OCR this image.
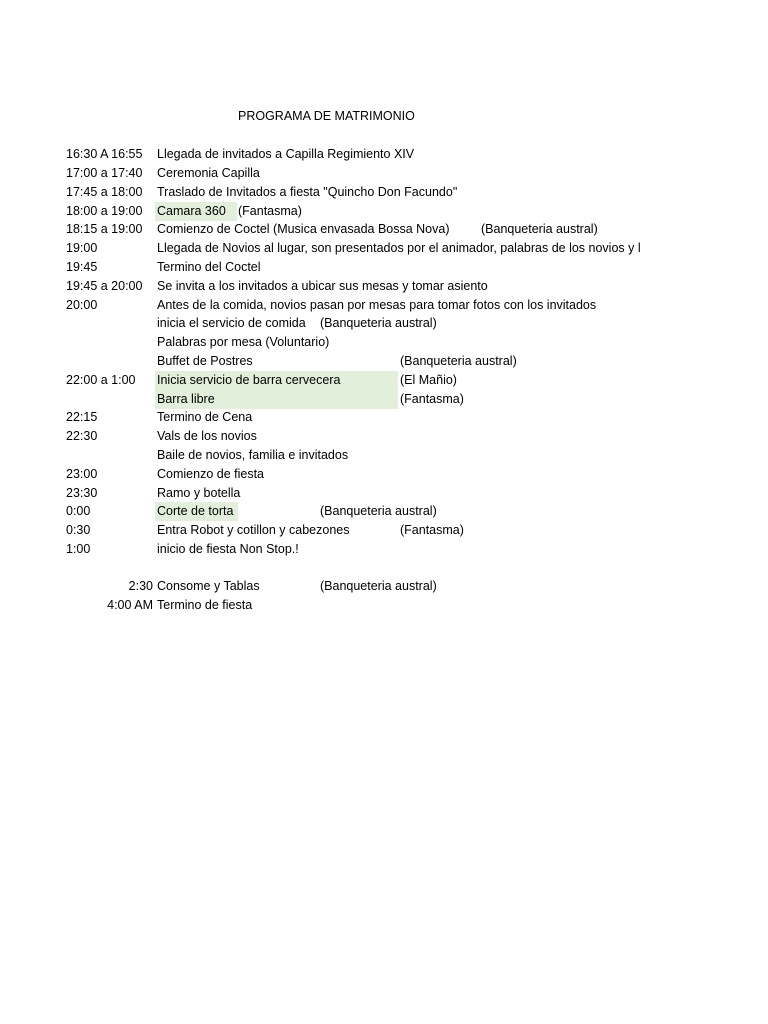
PROGRAMA DE MATRIMONIO
16:30 A 16:55 Llegada de invitados a Capilla Regimiento XIV
17:00 a 17:40 Ceremonia Capilla
17:45 a 18:00 Traslado de Invitados a fiesta "Quincho Don Facundo"
18:00 a 19:00 Camara 360 (Fantasma)
18:15 a 19:00 Comienzo de Coctel (Musica envasada Bossa Nova)	(Banqueteria austral)
19:00	Llegada de Novios al lugar, son presentados por el animador, palabras de los novios y l
19:45	Termino del Coctel
19:45 a 20:00 Se invita a los invitados a ubicar sus mesas y tomar asiento
20:00	Antes de la comida, novios pasan por mesas para tomar fotos con los invitados
inicia el servicio de comida (Banqueteria austral)
Palabras por mesa (Voluntario)
Buffet de Postres	(Banqueteria austral)
22:00 a 1:00 Inicia servicio de barra cervecera	(El Mañio)
Barra libre	(Fantasma)
22:15	Termino de Cena
22:30	Vals de los novios
Baile de novios, familia e invitados
23:00	Comienzo de fiesta
23:30	Ramo y botella
0:00	Corte de torta	(Banqueteria austral)
0:30	Entra Robot y cotillon y cabezones	(Fantasma)
1:00	inicio de fiesta Non Stop.!
2:30 Consome y Tablas	(Banqueteria austral)
4:00 AM Termino de fiesta
